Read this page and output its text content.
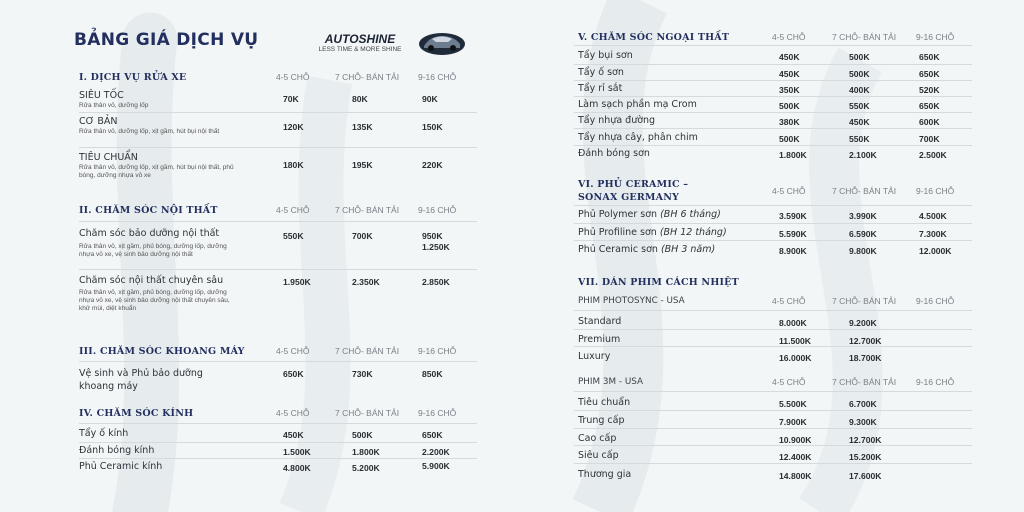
BẢNG GIÁ DỊCH VỤ	AUTOSHINE
LESS TIME & MORE SHINE
I. DỊCH VỤ RỬA XE	4-5 CHỖ	7 CHỖ- BÁN TẢI 9-16 CHỖ
SIÊU TỐC
Rửa thân vỏ, dưỡng lốp
70K	80K	90K
CƠ BẢN
Rửa thân vỏ, dưỡng lốp, xịt gầm, hút bụi nội thất	120K	135K	150K
TIÊU CHUẨN
Rửa thân vỏ, dưỡng lốp, xịt gầm, hút bụi nội thất, phủ bóng, dưỡng nhựa vỏ xe
180K	195K	220K
II. CHĂM SÓC NỘI THẤT	4-5 CHỖ	7 CHỖ- BÁN TẢI 9-16 CHỖ
Chăm sóc bảo dưỡng nội thất
Rửa thân vỏ, xịt gầm, phủ bóng, dưỡng lốp, dưỡng nhựa vỏ xe, vệ sinh bảo dưỡng nội thất
550K	700K	950K
1.250K
Chăm sóc nội thất chuyên sâu
Rửa thân vỏ, xịt gầm, phủ bóng, dưỡng lốp, dưỡng nhựa vỏ xe, vệ sinh bảo dưỡng nội thất chuyên sâu, khử mùi, diệt khuẩn
1.950K	2.350K	2.850K
III. CHĂM SÓC KHOANG MÁY	4-5 CHỖ	7 CHỖ- BÁN TẢI 9-16 CHỖ
Vệ sinh và Phủ bảo dưỡng khoang máy
650K	730K	850K
IV. CHĂM SÓC KÍNH	4-5 CHỖ	7 CHỖ- BÁN TẢI 9-16 CHỖ
Tẩy ố kính	450K	500K	650K
Đánh bóng kính	1.500K	1.800K	2.200K
Phủ Ceramic kính	4.800K	5.200K	5.900K
V. CHĂM SÓC NGOẠI THẤT	4-5 CHỖ	7 CHỖ- BÁN TẢI 9-16 CHỖ
Tẩy bụi sơn	450K	500K	650K
Tẩy ố sơn	450K	500K	650K
Tẩy rỉ sắt	350K	400K	520K
Làm sạch phần mạ Crom	500K	550K	650K
Tẩy nhựa đường	380K	450K	600K
Tẩy nhựa cây, phân chim	500K	550K	700K
Đánh bóng sơn	1.800K	2.100K	2.500K
VI. PHỦ CERAMIC –
SONAX GERMANY
4-5 CHỖ	7 CHỖ- BÁN TẢI 9-16 CHỖ
Phủ Polymer sơn (BH 6 tháng)	3.590K	3.990K	4.500K
Phủ Profiline sơn (BH 12 tháng)	5.590K	6.590K	7.300K
Phủ Ceramic sơn (BH 3 năm)	8.900K	9.800K	12.000K
VII. DÁN PHIM CÁCH NHIỆT
PHIM PHOTOSYNC - USA	4-5 CHỖ	7 CHỖ- BÁN TẢI 9-16 CHỖ
Standard	8.000K	9.200K
Premium	11.500K	12.700K
Luxury	16.000K	18.700K
PHIM 3M - USA	4-5 CHỖ	7 CHỖ- BÁN TẢI 9-16 CHỖ
Tiêu chuẩn	5.500K	6.700K
Trung cấp	7.900K	9.300K
Cao cấp	10.900K	12.700K
Siêu cấp	12.400K	15.200K
Thương gia	14.800K	17.600K
